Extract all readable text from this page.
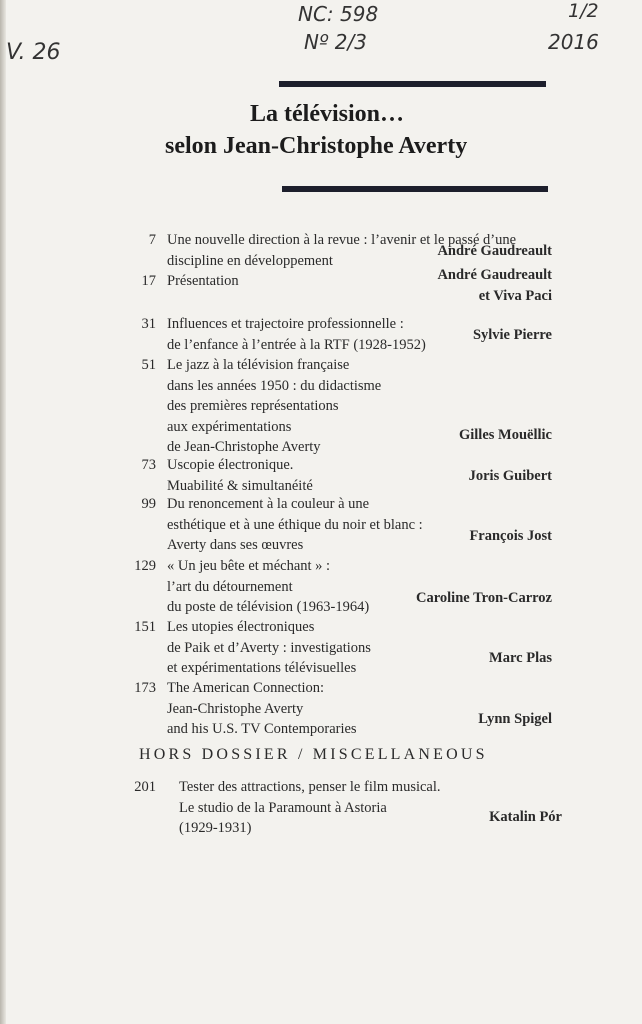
V. 26
NC: 598
Nº 2/3
1/2
2016
La télévision…
selon Jean-Christophe Averty
7 Une nouvelle direction à la revue : l’avenir et le passé d’une
discipline en développement
André Gaudreault
17 Présentation	André Gaudreault
et Viva Paci
31 Influences et trajectoire professionnelle :
de l’enfance à l’entrée à la RTF (1928-1952)
Sylvie Pierre
51 Le jazz à la télévision française
dans les années 1950 : du didactisme
des premières représentations
aux expérimentations
de Jean-Christophe Averty
Gilles Mouëllic
73 Uscopie électronique.
Muabilité & simultanéité
Joris Guibert
99 Du renoncement à la couleur à une
esthétique et à une éthique du noir et blanc :
Averty dans ses œuvres
François Jost
129 « Un jeu bête et méchant » :
l’art du détournement
du poste de télévision (1963-1964)
Caroline Tron-Carroz
151 Les utopies électroniques
de Paik et d’Averty : investigations
et expérimentations télévisuelles
Marc Plas
173 The American Connection:
Jean-Christophe Averty
and his U.S. TV Contemporaries
Lynn Spigel
HORS DOSSIER / MISCELLANEOUS
201 Tester des attractions, penser le film musical.
Le studio de la Paramount à Astoria
(1929-1931)
Katalin Pór
